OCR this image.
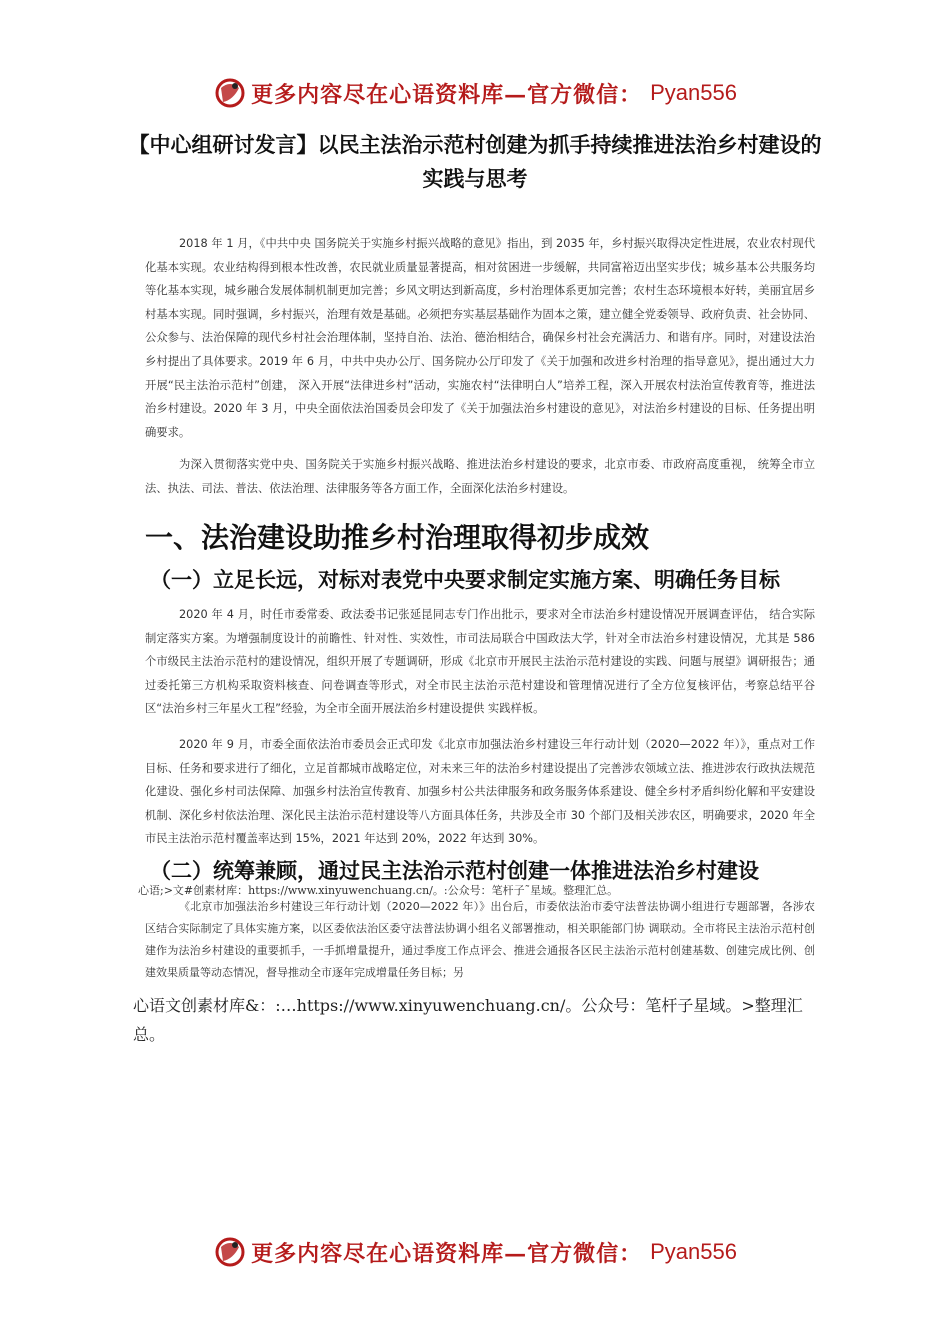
更多内容尽在心语资料库—官方微信： Pyan556
【中心组研讨发言】以民主法治示范村创建为抓手持续推进法治乡村建设的实践与思考

2018 年 1 月，《中共中央 国务院关于实施乡村振兴战略的意见》指出，到 2035 年，乡村振兴取得决定性进展，农业农村现代化基本实现。农业结构得到根本性改善，农民就业质量显著提高，相对贫困进一步缓解，共同富裕迈出坚实步伐；城乡基本公共服务均等化基本实现，城乡融合发展体制机制更加完善；乡风文明达到新高度，乡村治理体系更加完善；农村生态环境根本好转，美丽宜居乡村基本实现。同时强调，乡村振兴，治理有效是基础。必须把夯实基层基础作为固本之策，建立健全党委领导、政府负责、社会协同、公众参与、法治保障的现代乡村社会治理体制，坚持自治、法治、德治相结合，确保乡村社会充满活力、和谐有序。同时，对建设法治乡村提出了具体要求。2019 年 6 月，中共中央办公厅、国务院办公厅印发了《关于加强和改进乡村治理的指导意见》，提出通过大力开展“民主法治示范村”创建， 深入开展“法律进乡村”活动，实施农村“法律明白人”培养工程，深入开展农村法治宣传教育等，推进法治乡村建设。2020 年 3 月，中央全面依法治国委员会印发了《关于加强法治乡村建设的意见》，对法治乡村建设的目标、任务提出明确要求。

为深入贯彻落实党中央、国务院关于实施乡村振兴战略、推进法治乡村建设的要求，北京市委、市政府高度重视， 统筹全市立法、执法、司法、普法、依法治理、法律服务等各方面工作，全面深化法治乡村建设。

一、法治建设助推乡村治理取得初步成效
（一）立足长远，对标对表党中央要求制定实施方案、明确任务目标

2020 年 4 月，时任市委常委、政法委书记张延昆同志专门作出批示，要求对全市法治乡村建设情况开展调查评估， 结合实际制定落实方案。为增强制度设计的前瞻性、针对性、实效性，市司法局联合中国政法大学，针对全市法治乡村建设情况，尤其是 586 个市级民主法治示范村的建设情况，组织开展了专题调研，形成《北京市开展民主法治示范村建设的实践、问题与展望》调研报告；通过委托第三方机构采取资料核查、问卷调查等形式，对全市民主法治示范村建设和管理情况进行了全方位复核评估，考察总结平谷区“法治乡村三年星火工程”经验，为全市全面开展法治乡村建设提供 实践样板。

2020 年 9 月，市委全面依法治市委员会正式印发《北京市加强法治乡村建设三年行动计划（2020—2022 年）》，重点对工作目标、任务和要求进行了细化，立足首都城市战略定位，对未来三年的法治乡村建设提出了完善涉农领域立法、推进涉农行政执法规范化建设、强化乡村司法保障、加强乡村法治宣传教育、加强乡村公共法律服务和政务服务体系建设、健全乡村矛盾纠纷化解和平安建设机制、深化乡村依法治理、深化民主法治示范村建设等八方面具体任务，共涉及全市 30 个部门及相关涉农区，明确要求，2020 年全市民主法治示范村覆盖率达到 15%，2021 年达到 20%，2022 年达到 30%。

（二）统筹兼顾，通过民主法治示范村创建一体推进法治乡村建设
心语;>文#创素材库：https://www.xinyuwenchuang.cn/。:公众号：笔杆子˜星域。整理汇总。

《北京市加强法治乡村建设三年行动计划（2020—2022 年）》出台后，市委依法治市委守法普法协调小组进行专题部署，各涉农区结合实际制定了具体实施方案，以区委依法治区委守法普法协调小组名义部署推动，相关职能部门协 调联动。全市将民主法治示范村创建作为法治乡村建设的重要抓手，一手抓增量提升，通过季度工作点评会、推进会通报各区民主法治示范村创建基数、创建完成比例、创建效果质量等动态情况，督导推动全市逐年完成增量任务目标；另

心语文创素材库&：:…https://www.xinyuwenchuang.cn/。公众号：笔杆子星域。>整理汇总。
更多内容尽在心语资料库—官方微信： Pyan556
